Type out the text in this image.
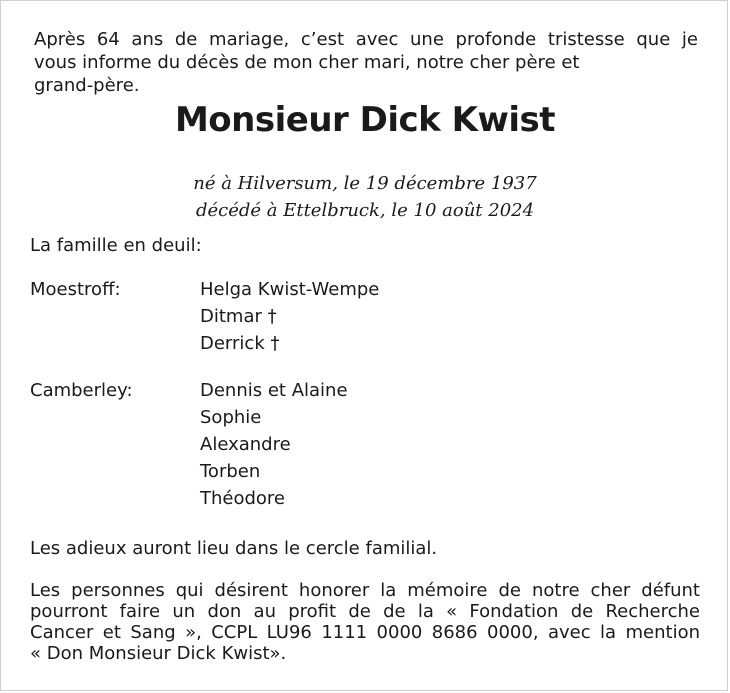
Après 64 ans de mariage, c’est avec une profonde tristesse que je
vous informe du décès de mon cher mari, notre cher père et
grand-père.
Monsieur Dick Kwist
né à Hilversum, le 19 décembre 1937
décédé à Ettelbruck, le 10 août 2024
La famille en deuil:
Moestroff:	Helga Kwist-Wempe
Ditmar †
Derrick †
Camberley:	Dennis et Alaine
Sophie
Alexandre
Torben
Théodore
Les adieux auront lieu dans le cercle familial.
Les personnes qui désirent honorer la mémoire de notre cher défunt
pourront faire un don au profit de de la « Fondation de Recherche
Cancer et Sang », CCPL LU96 1111 0000 8686 0000, avec la mention
« Don Monsieur Dick Kwist».
